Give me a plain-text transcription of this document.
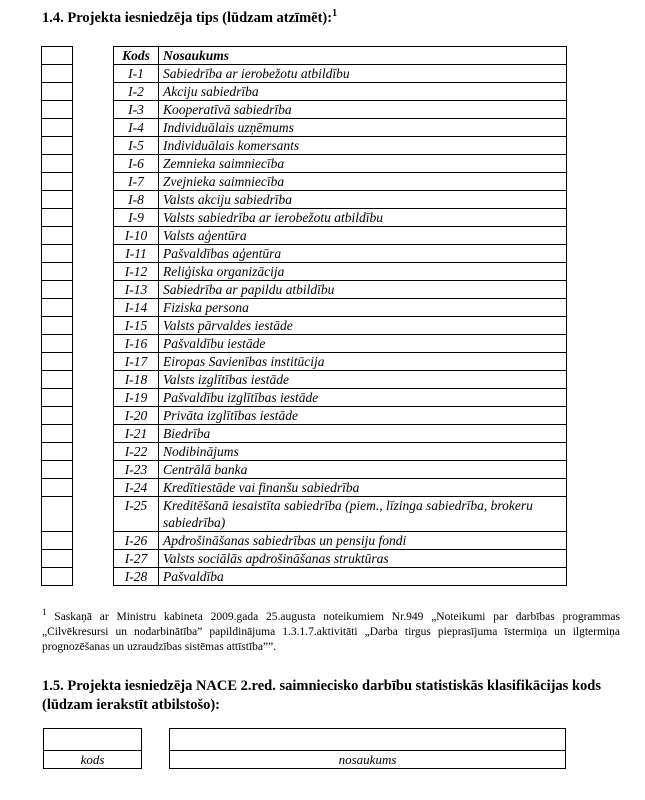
1.4. Projekta iesniedzēja tips (lūdzam atzīmēt):$^1$

Kods	Nosaukums
I-1	Sabiedrība ar ierobežotu atbildību
I-2	Akciju sabiedrība
I-3	Kooperatīvā sabiedrība
I-4	Individuālais uzņēmums
I-5	Individuālais komersants
I-6	Zemnieka saimniecība
I-7	Zvejnieka saimniecība
I-8	Valsts akciju sabiedrība
I-9	Valsts sabiedrība ar ierobežotu atbildību
I-10	Valsts aģentūra
I-11	Pašvaldības aģentūra
I-12	Reliģiska organizācija
I-13	Sabiedrība ar papildu atbildību
I-14	Fiziska persona
I-15	Valsts pārvaldes iestāde
I-16	Pašvaldību iestāde
I-17	Eiropas Savienības institūcija
I-18	Valsts izglītības iestāde
I-19	Pašvaldību izglītības iestāde
I-20	Privāta izglītības iestāde
I-21	Biedrība
I-22	Nodibinājums
I-23	Centrālā banka
I-24	Kredītiestāde vai finanšu sabiedrība
I-25	Kreditēšanā iesaistīta sabiedrība (piem., līzinga sabiedrība, brokeru sabiedrība)
I-26	Apdrošināšanas sabiedrības un pensiju fondi
I-27	Valsts sociālās apdrošināšanas struktūras
I-28	Pašvaldība

$^1$ Saskaņā ar Ministru kabineta 2009.gada 25.augusta noteikumiem Nr.949 „Noteikumi par darbības programmas „Cilvēkresursi un nodarbinātība” papildinājuma 1.3.1.7.aktivitāti „Darba tirgus pieprasījuma īstermiņa un ilgtermiņa prognozēšanas un uzraudzības sistēmas attīstība””.

1.5. Projekta iesniedzēja NACE 2.red. saimniecisko darbību statistiskās klasifikācijas kods (lūdzam ierakstīt atbilstošo):

kods	nosaukums
